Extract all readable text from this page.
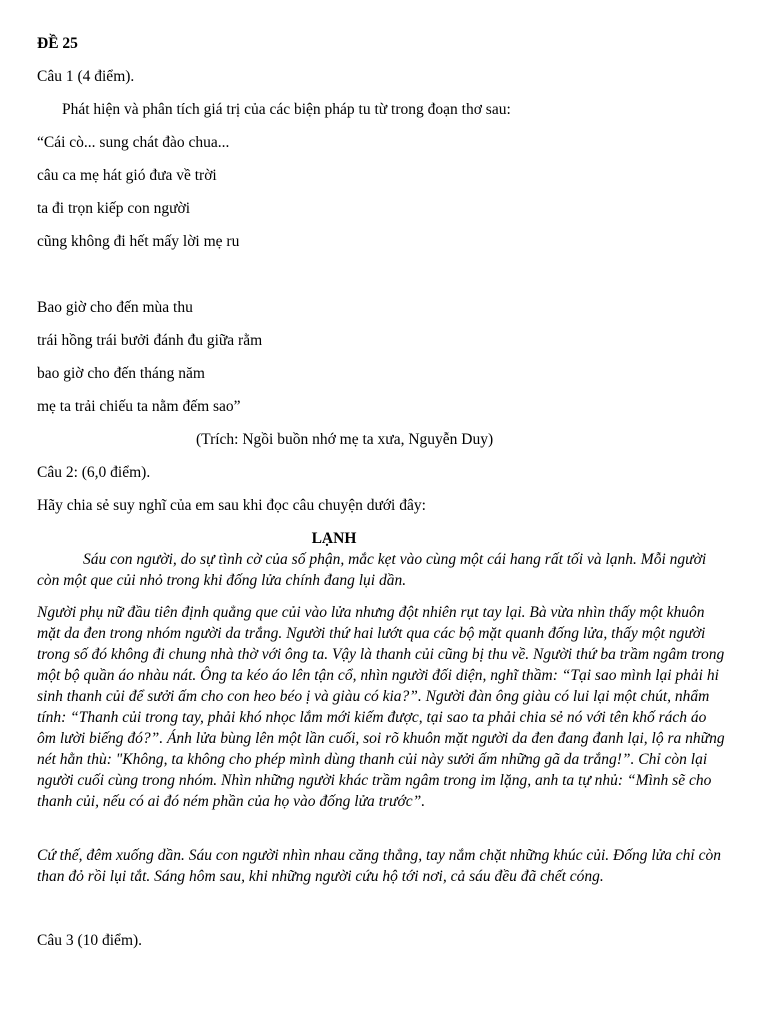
ĐỀ 25
Câu 1 (4 điểm).
Phát hiện và phân tích giá trị của các biện pháp tu từ trong đoạn thơ sau:
“Cái cò... sung chát đào chua...
câu ca mẹ hát gió đưa về trời
ta đi trọn kiếp con người
cũng không đi hết mấy lời mẹ ru
Bao giờ cho đến mùa thu
trái hồng trái bưởi đánh đu giữa rằm
bao giờ cho đến tháng năm
mẹ ta trải chiếu ta nằm đếm sao”
(Trích: Ngồi buồn nhớ mẹ ta xưa, Nguyễn Duy)
Câu 2: (6,0 điểm).
Hãy chia sẻ suy nghĩ của em sau khi đọc câu chuyện dưới đây:
LẠNH
Sáu con người, do sự tình cờ của số phận, mắc kẹt vào cùng một cái hang rất tối và lạnh. Mỗi người còn một que củi nhỏ trong khi đống lửa chính đang lụi dần.
Người phụ nữ đầu tiên định quẳng que củi vào lửa nhưng đột nhiên rụt tay lại. Bà vừa nhìn thấy một khuôn mặt da đen trong nhóm người da trắng. Người thứ hai lướt qua các bộ mặt quanh đống lửa, thấy một người trong số đó không đi chung nhà thờ với ông ta. Vậy là thanh củi cũng bị thu về. Người thứ ba trầm ngâm trong một bộ quần áo nhàu nát. Ông ta kéo áo lên tận cổ, nhìn người đối diện, nghĩ thầm: “Tại sao mình lại phải hi sinh thanh củi để sưởi ấm cho con heo béo ị và giàu có kia?”. Người đàn ông giàu có lui lại một chút, nhẩm tính: “Thanh củi trong tay, phải khó nhọc lắm mới kiếm được, tại sao ta phải chia sẻ nó với tên khố rách áo ôm lười biếng đó?”. Ánh lửa bùng lên một lần cuối, soi rõ khuôn mặt người da đen đang đanh lại, lộ ra những nét hằn thù: "Không, ta không cho phép mình dùng thanh củi này sưởi ấm những gã da trắng!”. Chỉ còn lại người cuối cùng trong nhóm. Nhìn những người khác trầm ngâm trong im lặng, anh ta tự nhủ: “Mình sẽ cho thanh củi, nếu có ai đó ném phần của họ vào đống lửa trước”.
Cứ thế, đêm xuống dần. Sáu con người nhìn nhau căng thẳng, tay nắm chặt những khúc củi. Đống lửa chỉ còn than đỏ rồi lụi tắt. Sáng hôm sau, khi những người cứu hộ tới nơi, cả sáu đều đã chết cóng.
Câu 3 (10 điểm).
